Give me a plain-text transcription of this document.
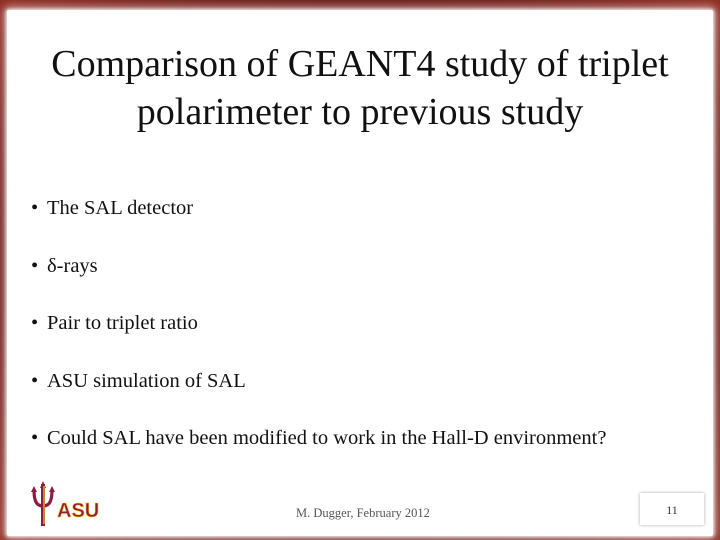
Comparison of GEANT4 study of triplet
polarimeter to previous study
• The SAL detector
• δ-rays
• Pair to triplet ratio
• ASU simulation of SAL
• Could SAL have been modified to work in the Hall-D environment?
ASU	M. Dugger, February 2012	11
